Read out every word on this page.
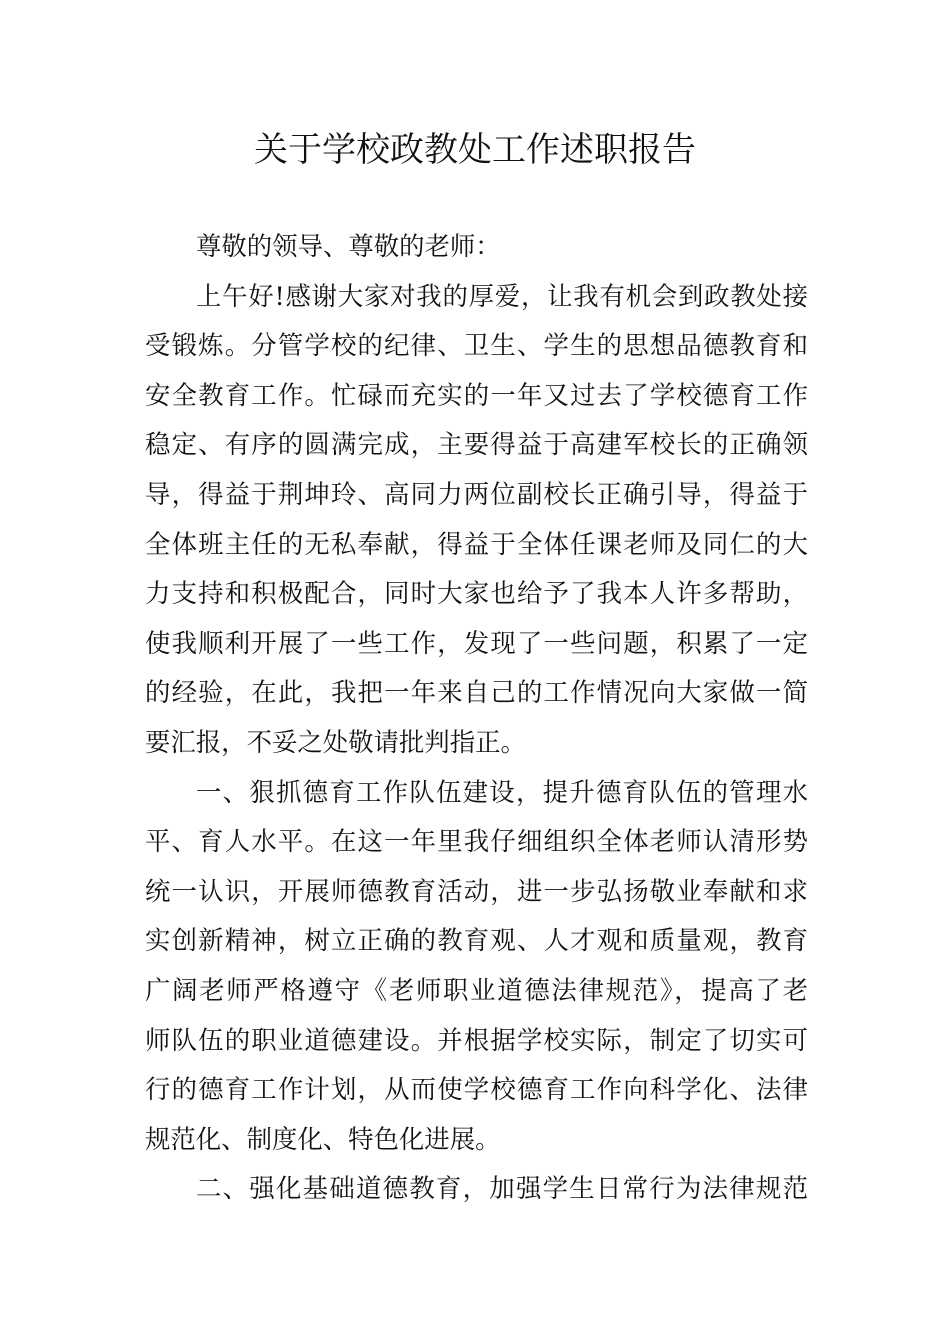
关于学校政教处工作述职报告
尊敬的领导、尊敬的老师：
上午好!感谢大家对我的厚爱，让我有机会到政教处接
受锻炼。分管学校的纪律、卫生、学生的思想品德教育和
安全教育工作。忙碌而充实的一年又过去了学校德育工作
稳定、有序的圆满完成，主要得益于高建军校长的正确领
导，得益于荆坤玲、高同力两位副校长正确引导，得益于
全体班主任的无私奉献，得益于全体任课老师及同仁的大
力支持和积极配合，同时大家也给予了我本人许多帮助，
使我顺利开展了一些工作，发现了一些问题，积累了一定
的经验，在此，我把一年来自己的工作情况向大家做一简
要汇报，不妥之处敬请批判指正。
一、狠抓德育工作队伍建设，提升德育队伍的管理水
平、育人水平。在这一年里我仔细组织全体老师认清形势
统一认识，开展师德教育活动，进一步弘扬敬业奉献和求
实创新精神，树立正确的教育观、人才观和质量观，教育
广阔老师严格遵守《老师职业道德法律规范》，提高了老
师队伍的职业道德建设。并根据学校实际，制定了切实可
行的德育工作计划，从而使学校德育工作向科学化、法律
规范化、制度化、特色化进展。
二、强化基础道德教育，加强学生日常行为法律规范
